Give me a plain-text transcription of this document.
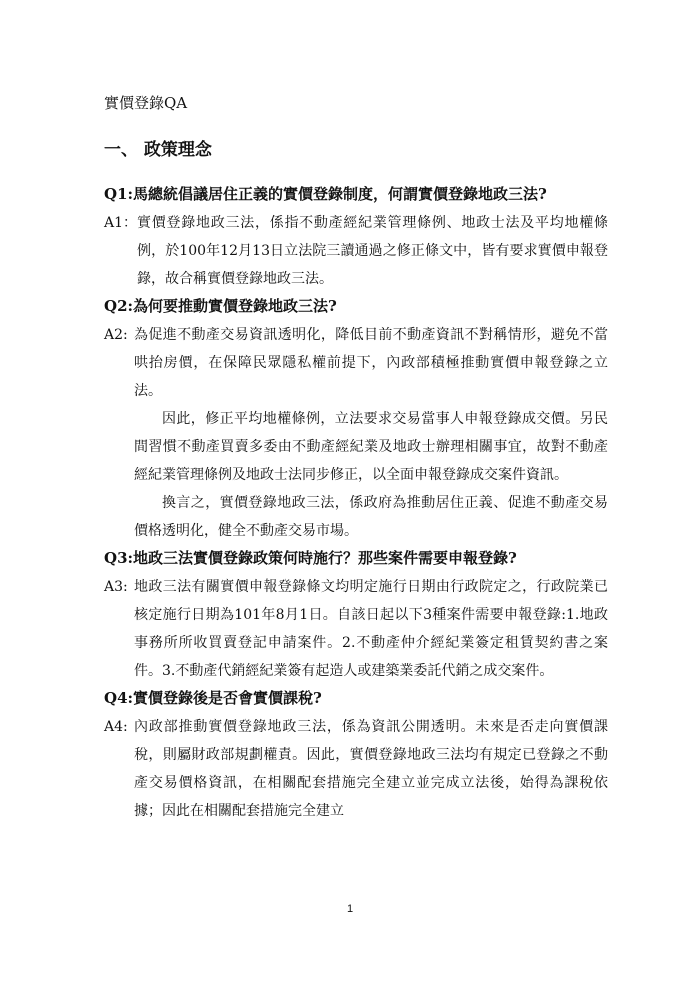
實價登錄QA
一、 政策理念
Q1:馬總統倡議居住正義的實價登錄制度，何謂實價登錄地政三法?
A1： 實價登錄地政三法，係指不動產經紀業管理條例、地政士法及平均地權條例，於100年12月13日立法院三讀通過之修正條文中，皆有要求實價申報登錄，故合稱實價登錄地政三法。

Q2:為何要推動實價登錄地政三法?
A2: 為促進不動產交易資訊透明化，降低目前不動產資訊不對稱情形，避免不當哄抬房價，在保障民眾隱私權前提下，內政部積極推動實價申報登錄之立法。

因此，修正平均地權條例，立法要求交易當事人申報登錄成交價。另民間習慣不動產買賣多委由不動產經紀業及地政士辦理相關事宜，故對不動產經紀業管理條例及地政士法同步修正，以全面申報登錄成交案件資訊。

換言之，實價登錄地政三法，係政府為推動居住正義、促進不動產交易價格透明化，健全不動產交易市場。

Q3:地政三法實價登錄政策何時施行？那些案件需要申報登錄?
A3: 地政三法有關實價申報登錄條文均明定施行日期由行政院定之，行政院業已核定施行日期為101年8月1日。自該日起以下3種案件需要申報登錄:1.地政事務所所收買賣登記申請案件。2.不動產仲介經紀業簽定租賃契約書之案件。3.不動產代銷經紀業簽有起造人或建築業委託代銷之成交案件。

Q4:實價登錄後是否會實價課稅?
A4: 內政部推動實價登錄地政三法，係為資訊公開透明。未來是否走向實價課稅，則屬財政部規劃權責。因此，實價登錄地政三法均有規定已登錄之不動產交易價格資訊，在相關配套措施完全建立並完成立法後，始得為課稅依據；因此在相關配套措施完全建立

1
